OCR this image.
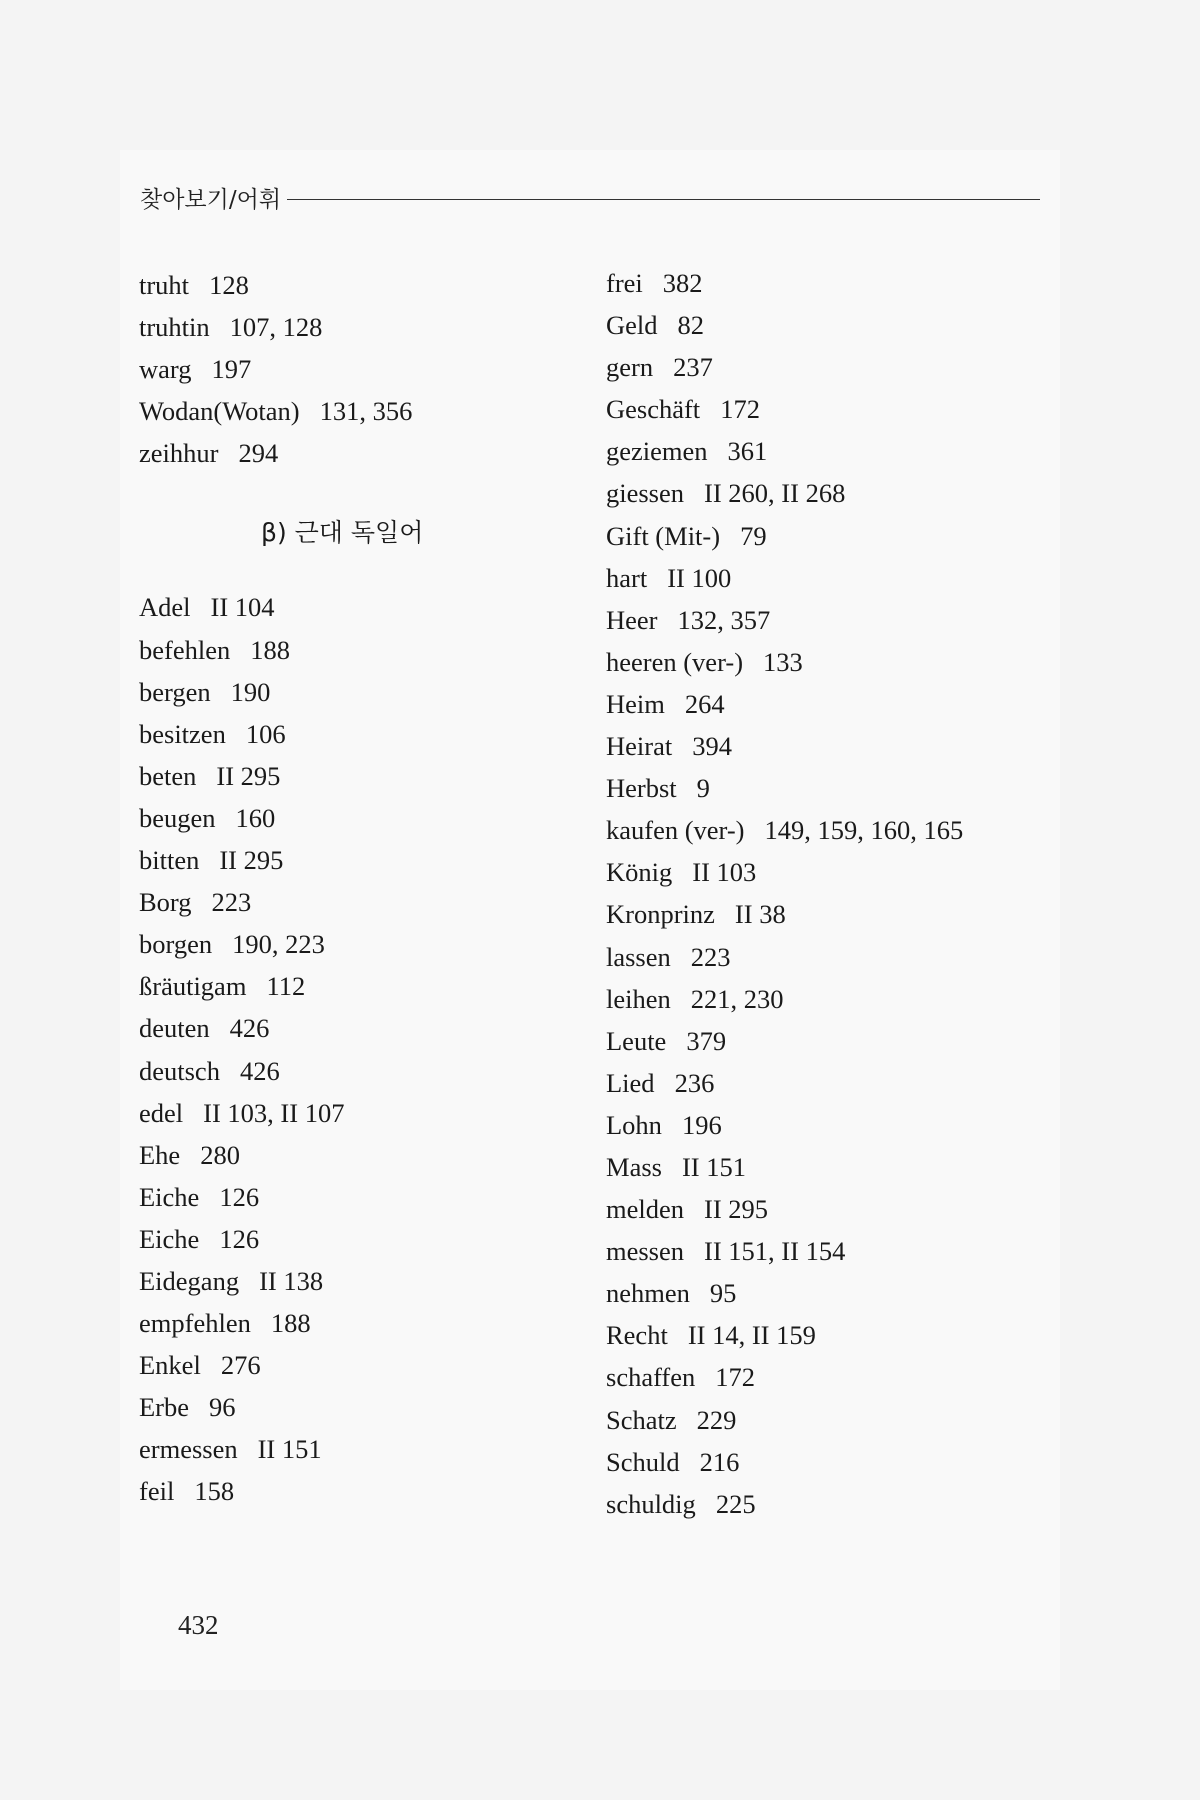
찾아보기/어휘
truht 128
truhtin 107, 128
warg 197
Wodan(Wotan) 131, 356
zeihhur 294
β) 근대 독일어
Adel II 104
befehlen 188
bergen 190
besitzen 106
beten II 295
beugen 160
bitten II 295
Borg 223
borgen 190, 223
ßräutigam 112
deuten 426
deutsch 426
edel II 103, II 107
Ehe 280
Eiche 126
Eiche 126
Eidegang II 138
empfehlen 188
Enkel 276
Erbe 96
ermessen II 151
feil 158
frei 382
Geld 82
gern 237
Geschäft 172
geziemen 361
giessen II 260, II 268
Gift (Mit-) 79
hart II 100
Heer 132, 357
heeren (ver-) 133
Heim 264
Heirat 394
Herbst 9
kaufen (ver-) 149, 159, 160, 165
König II 103
Kronprinz II 38
lassen 223
leihen 221, 230
Leute 379
Lied 236
Lohn 196
Mass II 151
melden II 295
messen II 151, II 154
nehmen 95
Recht II 14, II 159
schaffen 172
Schatz 229
Schuld 216
schuldig 225
432
